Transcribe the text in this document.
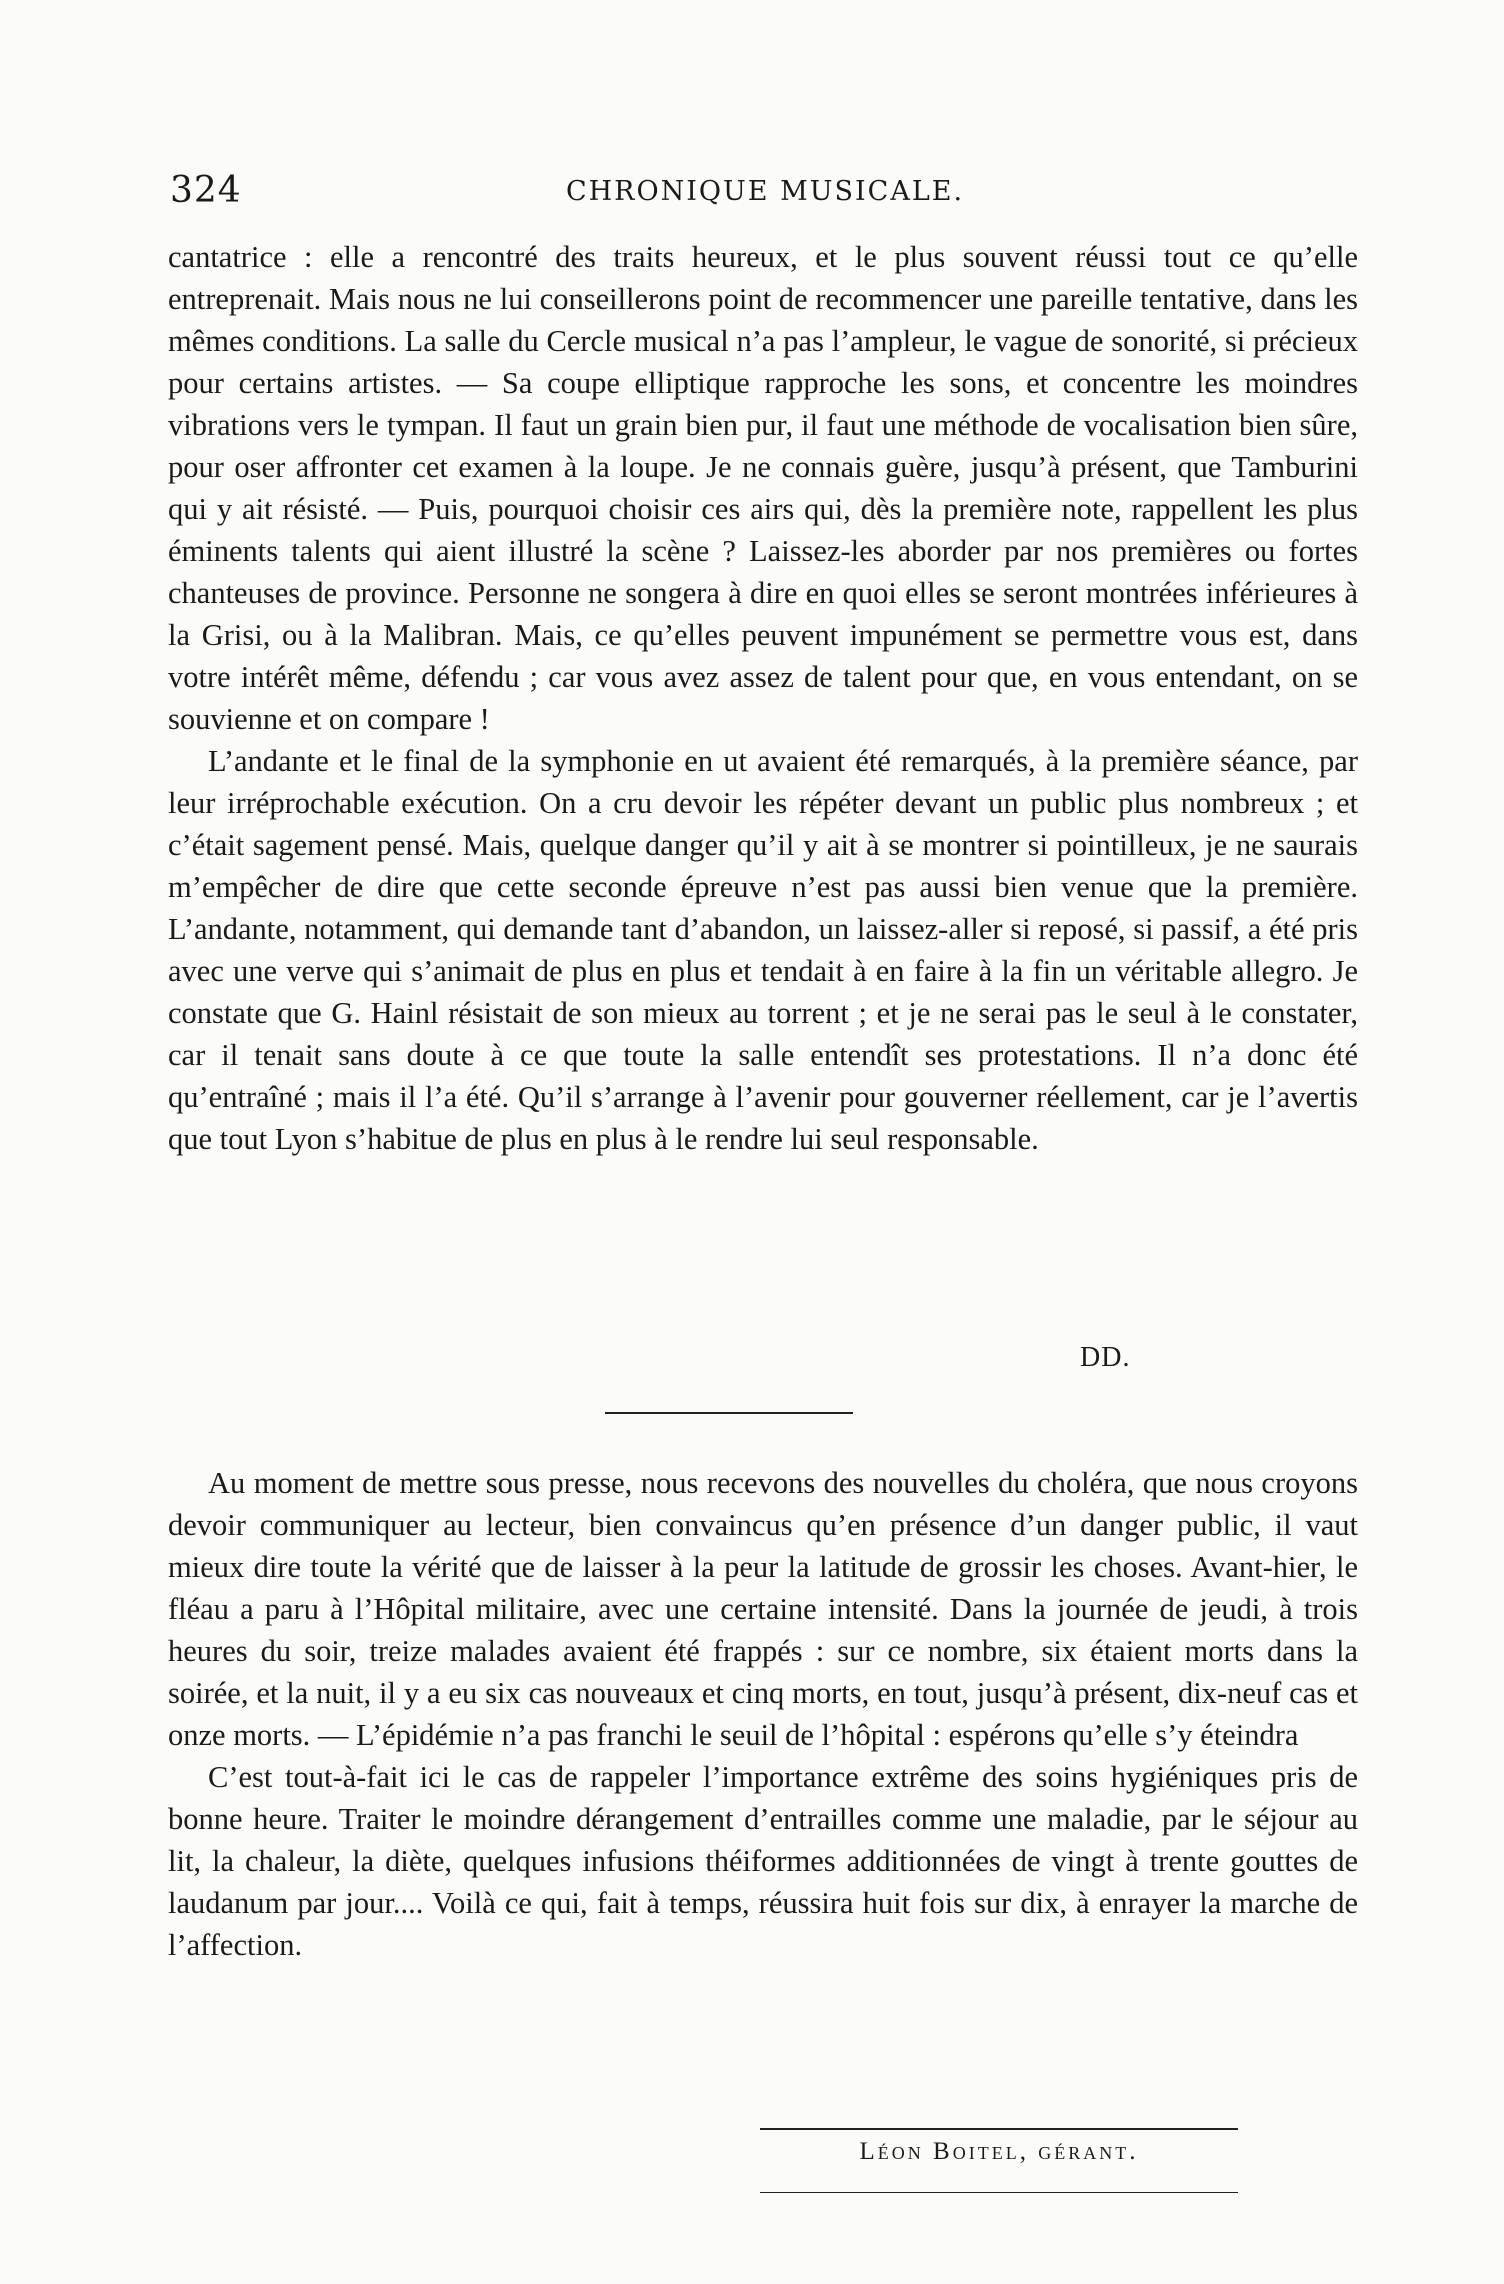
324	CHRONIQUE MUSICALE.

cantatrice : elle a rencontré des traits heureux, et le plus souvent réussi tout ce qu’elle entreprenait. Mais nous ne lui conseillerons point de recommencer une pareille tentative, dans les mêmes conditions. La salle du Cercle musical n’a pas l’ampleur, le vague de sonorité, si précieux pour certains artistes. — Sa coupe elliptique rapproche les sons, et concentre les moindres vibrations vers le tympan. Il faut un grain bien pur, il faut une méthode de vocalisation bien sûre, pour oser affronter cet examen à la loupe. Je ne connais guère, jusqu’à présent, que Tamburini qui y ait résisté. — Puis, pourquoi choisir ces airs qui, dès la première note, rappellent les plus éminents talents qui aient illustré la scène ? Laissez-les aborder par nos premières ou fortes chanteuses de province. Personne ne songera à dire en quoi elles se seront montrées inférieures à la Grisi, ou à la Malibran. Mais, ce qu’elles peuvent impunément se permettre vous est, dans votre intérêt même, défendu ; car vous avez assez de talent pour que, en vous entendant, on se souvienne et on compare !

L’andante et le final de la symphonie en ut avaient été remarqués, à la première séance, par leur irréprochable exécution. On a cru devoir les répéter devant un public plus nombreux ; et c’était sagement pensé. Mais, quelque danger qu’il y ait à se montrer si pointilleux, je ne saurais m’empêcher de dire que cette seconde épreuve n’est pas aussi bien venue que la première. L’andante, notamment, qui demande tant d’abandon, un laissez-aller si reposé, si passif, a été pris avec une verve qui s’animait de plus en plus et tendait à en faire à la fin un véritable allegro. Je constate que G. Hainl résistait de son mieux au torrent ; et je ne serai pas le seul à le constater, car il tenait sans doute à ce que toute la salle entendît ses protestations. Il n’a donc été qu’entraîné ; mais il l’a été. Qu’il s’arrange à l’avenir pour gouverner réellement, car je l’avertis que tout Lyon s’habitue de plus en plus à le rendre lui seul responsable.

DD.

Au moment de mettre sous presse, nous recevons des nouvelles du choléra, que nous croyons devoir communiquer au lecteur, bien convaincus qu’en présence d’un danger public, il vaut mieux dire toute la vérité que de laisser à la peur la latitude de grossir les choses. Avant-hier, le fléau a paru à l’Hôpital militaire, avec une certaine intensité. Dans la journée de jeudi, à trois heures du soir, treize malades avaient été frappés : sur ce nombre, six étaient morts dans la soirée, et la nuit, il y a eu six cas nouveaux et cinq morts, en tout, jusqu’à présent, dix-neuf cas et onze morts. — L’épidémie n’a pas franchi le seuil de l’hôpital : espérons qu’elle s’y éteindra

C’est tout-à-fait ici le cas de rappeler l’importance extrême des soins hygiéniques pris de bonne heure. Traiter le moindre dérangement d’entrailles comme une maladie, par le séjour au lit, la chaleur, la diète, quelques infusions théiformes additionnées de vingt à trente gouttes de laudanum par jour.... Voilà ce qui, fait à temps, réussira huit fois sur dix, à enrayer la marche de l’affection.

Léon Boitel, gérant.
